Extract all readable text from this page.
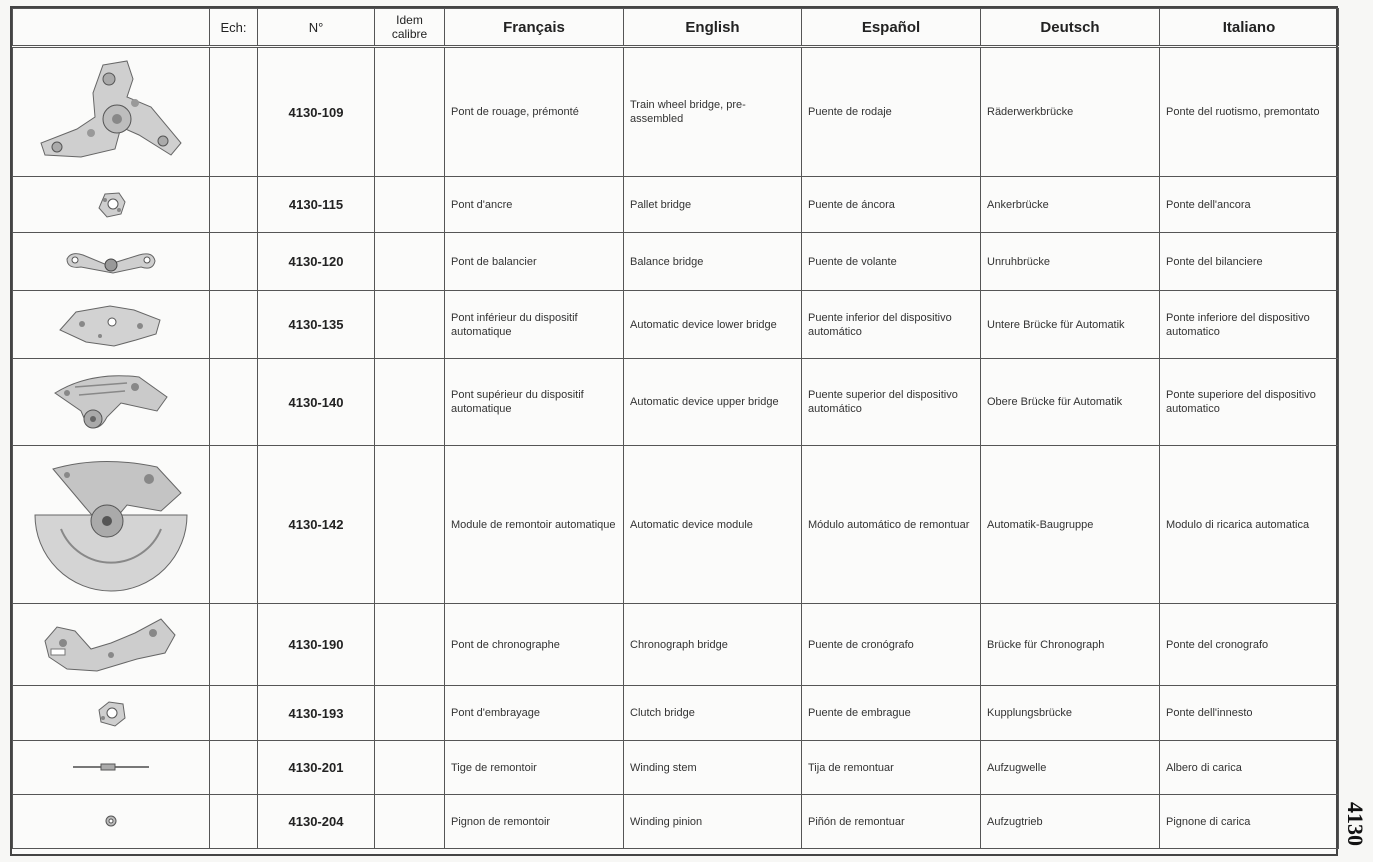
	Ech:	N°	Idem calibre	Français	English	Español	Deutsch	Italiano
		4130-109		Pont de rouage, prémonté	Train wheel bridge, pre-assembled	Puente de rodaje	Räderwerkbrücke	Ponte del ruotismo, premontato
		4130-115		Pont d'ancre	Pallet bridge	Puente de áncora	Ankerbrücke	Ponte dell'ancora
		4130-120		Pont de balancier	Balance bridge	Puente de volante	Unruhbrücke	Ponte del bilanciere
		4130-135		Pont inférieur du dispositif automatique	Automatic device lower bridge	Puente inferior del dispositivo automático	Untere Brücke für Automatik	Ponte inferiore del dispositivo automatico
		4130-140		Pont supérieur du dispositif automatique	Automatic device upper bridge	Puente superior del dispositivo automático	Obere Brücke für Automatik	Ponte superiore del dispositivo automatico
		4130-142		Module de remontoir automatique	Automatic device module	Módulo automático de remontuar	Automatik-Baugruppe	Modulo di ricarica automatica
		4130-190		Pont de chronographe	Chronograph bridge	Puente de cronógrafo	Brücke für Chronograph	Ponte del cronografo
		4130-193		Pont d'embrayage	Clutch bridge	Puente de embrague	Kupplungsbrücke	Ponte dell'innesto
		4130-201		Tige de remontoir	Winding stem	Tija de remontuar	Aufzugwelle	Albero di carica
		4130-204		Pignon de remontoir	Winding pinion	Piñón de remontuar	Aufzugtrieb	Pignone di carica	4130
